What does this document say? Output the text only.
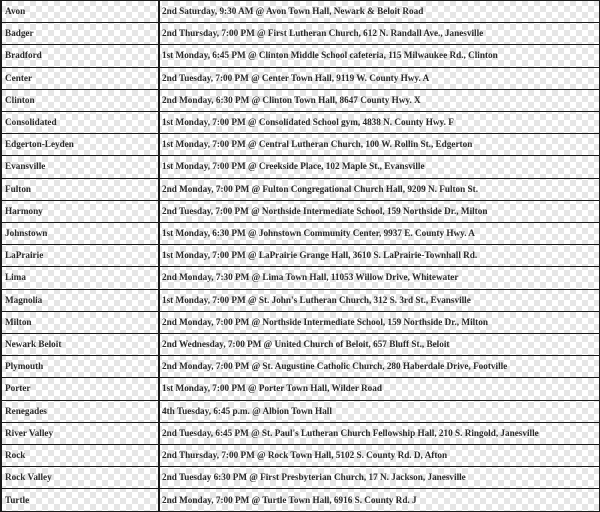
Avon	2nd Saturday, 9:30 AM @ Avon Town Hall, Newark & Beloit Road
Badger	2nd Thursday, 7:00 PM @ First Lutheran Church, 612 N. Randall Ave., Janesville
Bradford	1st Monday, 6:45 PM @ Clinton Middle School cafeteria, 115 Milwaukee Rd., Clinton
Center	2nd Tuesday, 7:00 PM @ Center Town Hall, 9119 W. County Hwy. A
Clinton	2nd Monday, 6:30 PM @ Clinton Town Hall, 8647 County Hwy. X
Consolidated	1st Monday, 7:00 PM @ Consolidated School gym, 4838 N. County Hwy. F
Edgerton-Leyden	1st Monday, 7:00 PM @ Central Lutheran Church, 100 W. Rollin St., Edgerton
Evansville	1st Monday, 7:00 PM @ Creekside Place, 102 Maple St., Evansville
Fulton	2nd Monday, 7:00 PM @ Fulton Congregational Church Hall, 9209 N. Fulton St.
Harmony	2nd Tuesday, 7:00 PM @ Northside Intermediate School, 159 Northside Dr., Milton
Johnstown	1st Monday, 6:30 PM @ Johnstown Community Center, 9937 E. County Hwy. A
LaPrairie	1st Monday, 7:00 PM @ LaPrairie Grange Hall, 3610 S. LaPrairie-Townhall Rd.
Lima	2nd Monday, 7:30 PM @ Lima Town Hall, 11053 Willow Drive, Whitewater
Magnolia	1st Monday, 7:00 PM @ St. John's Lutheran Church, 312 S. 3rd St., Evansville
Milton	2nd Monday, 7:00 PM @ Northside Intermediate School, 159 Northside Dr., Milton
Newark Beloit	2nd Wednesday, 7:00 PM @ United Church of Beloit, 657 Bluff St., Beloit
Plymouth	2nd Monday, 7:00 PM @ St. Augustine Catholic Church, 280 Haberdale Drive, Footville
Porter	1st Monday, 7:00 PM @ Porter Town Hall, Wilder Road
Renegades	4th Tuesday, 6:45 p.m. @ Albion Town Hall
River Valley	2nd Tuesday, 6:45 PM @ St. Paul's Lutheran Church Fellowship Hall, 210 S. Ringold, Janesville
Rock	2nd Thursday, 7:00 PM @ Rock Town Hall, 5102 S. County Rd. D, Afton
Rock Valley	2nd Tuesday 6:30 PM @ First Presbyterian Church, 17 N. Jackson, Janesville
Turtle	2nd Monday, 7:00 PM @ Turtle Town Hall, 6916 S. County Rd. J
